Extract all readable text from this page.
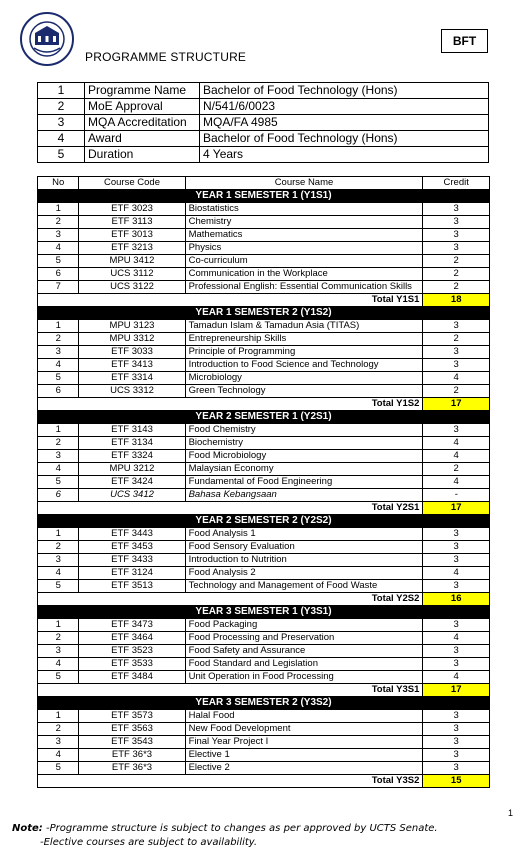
PROGRAMME STRUCTURE
BFT
1	Programme Name	Bachelor of Food Technology (Hons)
2	MoE Approval	N/541/6/0023
3	MQA Accreditation	MQA/FA 4985
4	Award	Bachelor of Food Technology (Hons)
5	Duration	4 Years
No	Course Code	Course Name	Credit
YEAR 1 SEMESTER 1 (Y1S1)			
1	ETF 3023	Biostatistics	3
2	ETF 3113	Chemistry	3
3	ETF 3013	Mathematics	3
4	ETF 3213	Physics	3
5	MPU 3412	Co-curriculum	2
6	UCS 3112	Communication in the Workplace	2
7	UCS 3122	Professional English: Essential Communication Skills	2
Total Y1S1			18
YEAR 1 SEMESTER 2 (Y1S2)			
1	MPU 3123	Tamadun Islam & Tamadun Asia (TITAS)	3
2	MPU 3312	Entrepreneurship Skills	2
3	ETF 3033	Principle of Programming	3
4	ETF 3413	Introduction to Food Science and Technology	3
5	ETF 3314	Microbiology	4
6	UCS 3312	Green Technology	2
Total Y1S2			17
YEAR 2 SEMESTER 1 (Y2S1)			
1	ETF 3143	Food Chemistry	3
2	ETF 3134	Biochemistry	4
3	ETF 3324	Food Microbiology	4
4	MPU 3212	Malaysian Economy	2
5	ETF 3424	Fundamental of Food Engineering	4
6	UCS 3412	Bahasa Kebangsaan	-
Total Y2S1			17
YEAR 2 SEMESTER 2 (Y2S2)			
1	ETF 3443	Food Analysis 1	3
2	ETF 3453	Food Sensory Evaluation	3
3	ETF 3433	Introduction to Nutrition	3
4	ETF 3124	Food Analysis 2	4
5	ETF 3513	Technology and Management of Food Waste	3
Total Y2S2			16
YEAR 3 SEMESTER 1 (Y3S1)			
1	ETF 3473	Food Packaging	3
2	ETF 3464	Food Processing and Preservation	4
3	ETF 3523	Food Safety and Assurance	3
4	ETF 3533	Food Standard and Legislation	3
5	ETF 3484	Unit Operation in Food Processing	4
Total Y3S1			17
YEAR 3 SEMESTER 2 (Y3S2)			
1	ETF 3573	Halal Food	3
2	ETF 3563	New Food Development	3
3	ETF 3543	Final Year Project I	3
4	ETF 36*3	Elective 1	3
5	ETF 36*3	Elective 2	3
Total Y3S2			15
1
Note: -Programme structure is subject to changes as per approved by UCTS Senate.
-Elective courses are subject to availability.
